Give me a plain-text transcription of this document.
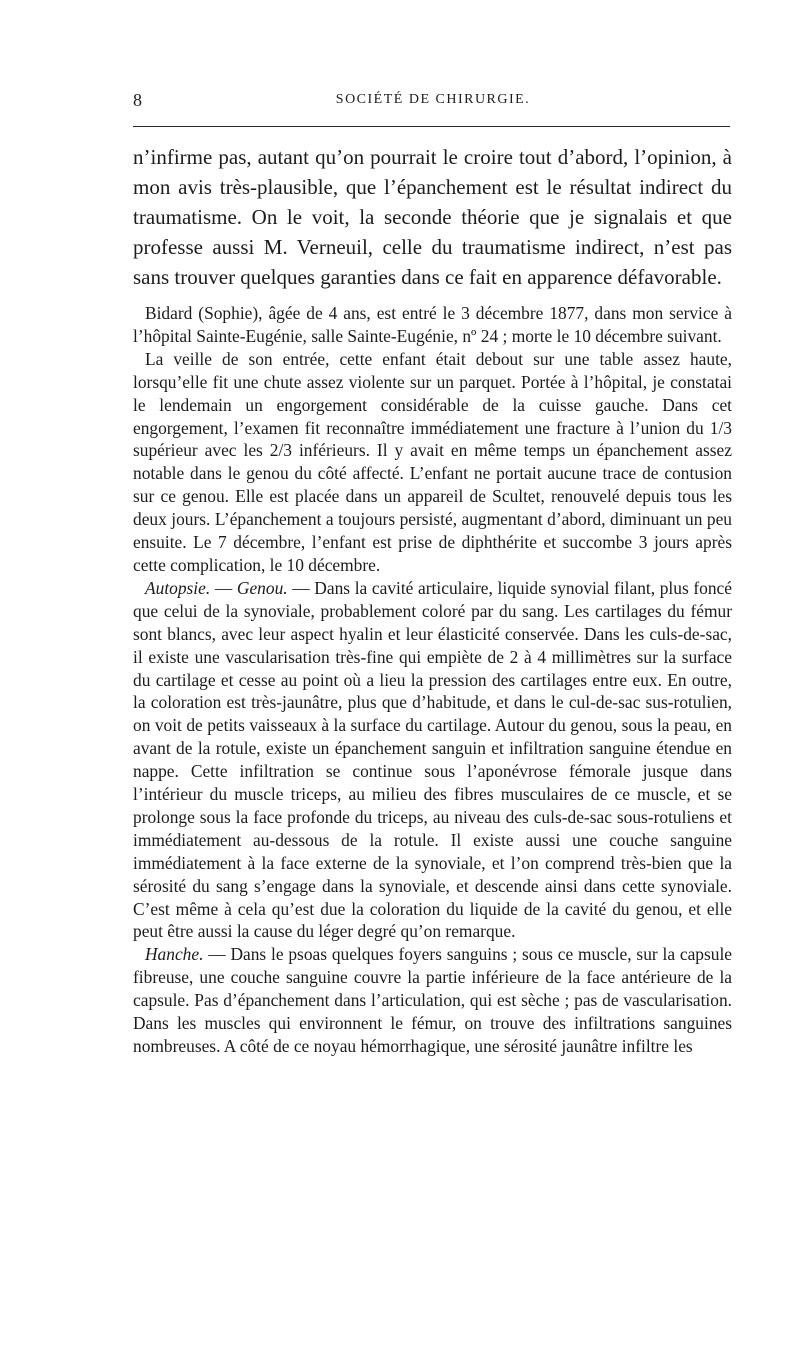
8	SOCIÉTÉ DE CHIRURGIE.

n’infirme pas, autant qu’on pourrait le croire tout d’abord, l’opinion, à mon avis très-plausible, que l’épanchement est le résultat indirect du traumatisme. On le voit, la seconde théorie que je signalais et que professe aussi M. Verneuil, celle du traumatisme indirect, n’est pas sans trouver quelques garanties dans ce fait en apparence défavorable.

Bidard (Sophie), âgée de 4 ans, est entré le 3 décembre 1877, dans mon service à l’hôpital Sainte-Eugénie, salle Sainte-Eugénie, nº 24 ; morte le 10 décembre suivant.

La veille de son entrée, cette enfant était debout sur une table assez haute, lorsqu’elle fit une chute assez violente sur un parquet. Portée à l’hôpital, je constatai le lendemain un engorgement considérable de la cuisse gauche. Dans cet engorgement, l’examen fit reconnaître immédiatement une fracture à l’union du 1/3 supérieur avec les 2/3 inférieurs. Il y avait en même temps un épanchement assez notable dans le genou du côté affecté. L’enfant ne portait aucune trace de contusion sur ce genou. Elle est placée dans un appareil de Scultet, renouvelé depuis tous les deux jours. L’épanchement a toujours persisté, augmentant d’abord, diminuant un peu ensuite. Le 7 décembre, l’enfant est prise de diphthérite et succombe 3 jours après cette complication, le 10 décembre.

Autopsie. — Genou. — Dans la cavité articulaire, liquide synovial filant, plus foncé que celui de la synoviale, probablement coloré par du sang. Les cartilages du fémur sont blancs, avec leur aspect hyalin et leur élasticité conservée. Dans les culs-de-sac, il existe une vascularisation très-fine qui empiète de 2 à 4 millimètres sur la surface du cartilage et cesse au point où a lieu la pression des cartilages entre eux. En outre, la coloration est très-jaunâtre, plus que d’habitude, et dans le cul-de-sac sus-rotulien, on voit de petits vaisseaux à la surface du cartilage. Autour du genou, sous la peau, en avant de la rotule, existe un épanchement sanguin et infiltration sanguine étendue en nappe. Cette infiltration se continue sous l’aponévrose fémorale jusque dans l’intérieur du muscle triceps, au milieu des fibres musculaires de ce muscle, et se prolonge sous la face profonde du triceps, au niveau des culs-de-sac sous-rotuliens et immédiatement au-dessous de la rotule. Il existe aussi une couche sanguine immédiatement à la face externe de la synoviale, et l’on comprend très-bien que la sérosité du sang s’engage dans la synoviale, et descende ainsi dans cette synoviale. C’est même à cela qu’est due la coloration du liquide de la cavité du genou, et elle peut être aussi la cause du léger degré qu’on remarque.

Hanche. — Dans le psoas quelques foyers sanguins ; sous ce muscle, sur la capsule fibreuse, une couche sanguine couvre la partie inférieure de la face antérieure de la capsule. Pas d’épanchement dans l’articulation, qui est sèche ; pas de vascularisation. Dans les muscles qui environnent le fémur, on trouve des infiltrations sanguines nombreuses. A côté de ce noyau hémorrhagique, une sérosité jaunâtre infiltre les
